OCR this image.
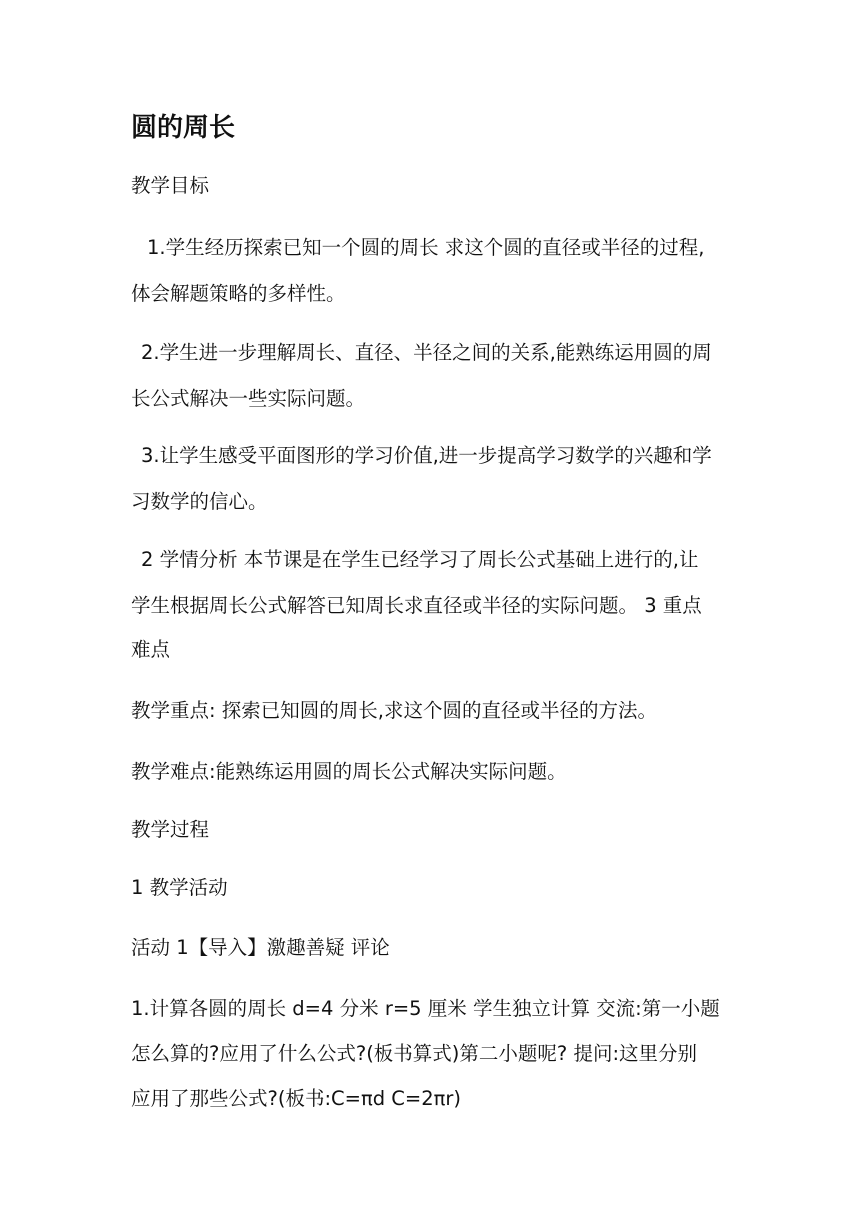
圆的周长
教学目标
1.学生经历探索已知一个圆的周长 求这个圆的直径或半径的过程,
体会解题策略的多样性。
2.学生进一步理解周长、直径、半径之间的关系,能熟练运用圆的周
长公式解决一些实际问题。
3.让学生感受平面图形的学习价值,进一步提高学习数学的兴趣和学
习数学的信心。
2 学情分析 本节课是在学生已经学习了周长公式基础上进行的,让
学生根据周长公式解答已知周长求直径或半径的实际问题。 3 重点
难点
教学重点: 探索已知圆的周长,求这个圆的直径或半径的方法。
教学难点:能熟练运用圆的周长公式解决实际问题。
教学过程
1 教学活动
活动 1【导入】激趣善疑 评论
1.计算各圆的周长 d=4 分米 r=5 厘米 学生独立计算 交流:第一小题
怎么算的?应用了什么公式?(板书算式)第二小题呢? 提问:这里分别
应用了那些公式?(板书:C=πd C=2πr)
